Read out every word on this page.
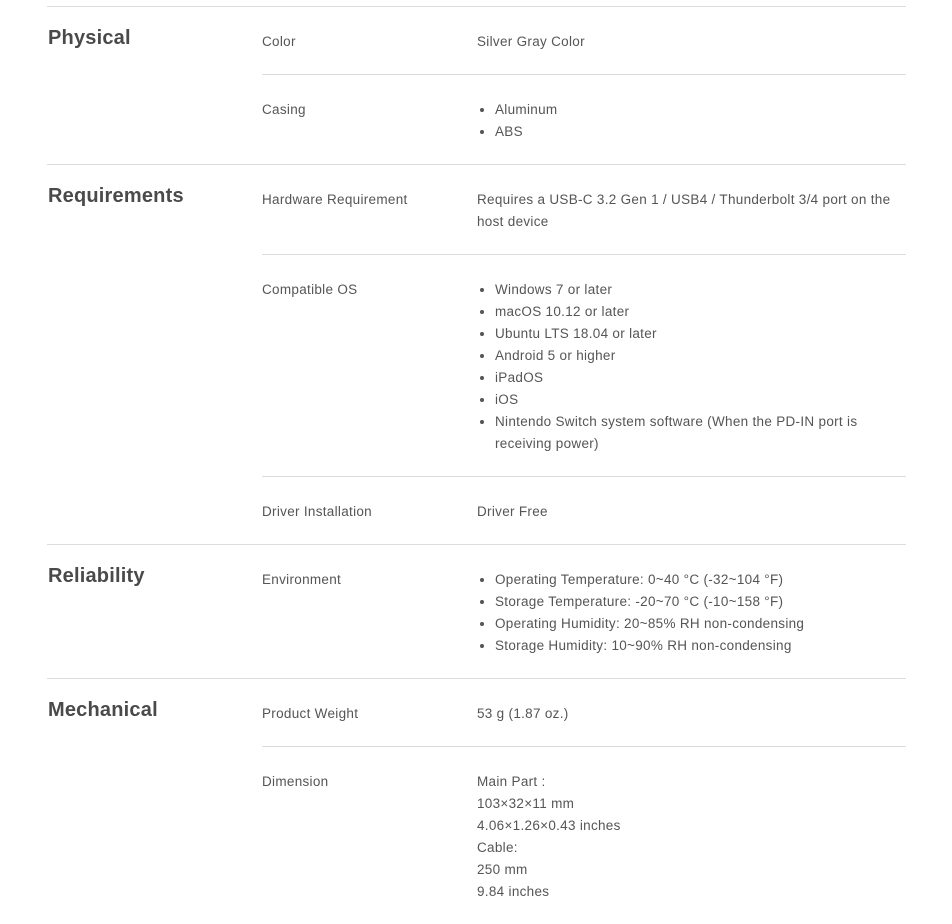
Physical	Color	Silver Gray Color
Casing	• Aluminum
• ABS
Requirements	Hardware Requirement	Requires a USB-C 3.2 Gen 1 / USB4 / Thunderbolt 3/4 port on the host device
Compatible OS	• Windows 7 or later
• macOS 10.12 or later
• Ubuntu LTS 18.04 or later
• Android 5 or higher
• iPadOS
• iOS
• Nintendo Switch system software (When the PD-IN port is receiving power)
Driver Installation	Driver Free
Reliability	Environment	• Operating Temperature: 0~40 °C (-32~104 °F)
• Storage Temperature: -20~70 °C (-10~158 °F)
• Operating Humidity: 20~85% RH non-condensing
• Storage Humidity: 10~90% RH non-condensing
Mechanical	Product Weight	53 g (1.87 oz.)
Dimension	Main Part :
103×32×11 mm
4.06×1.26×0.43 inches
Cable:
250 mm
9.84 inches
